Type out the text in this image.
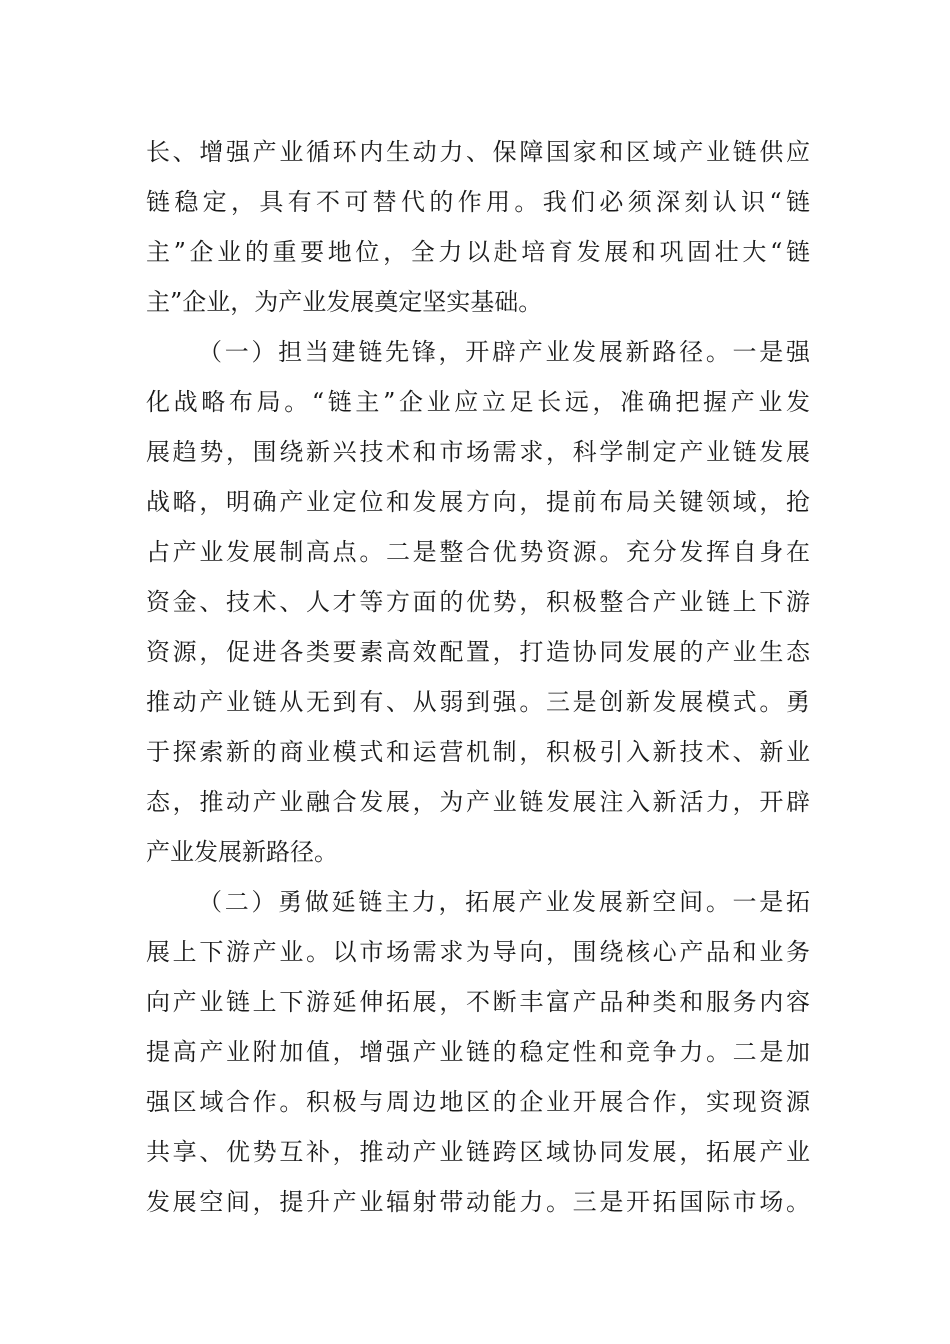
长、增强产业循环内生动力、保障国家和区域产业链供应
链稳定，具有不可替代的作用。我们必须深刻认识“链
主”企业的重要地位，全力以赴培育发展和巩固壮大“链
主”企业，为产业发展奠定坚实基础。
（一）担当建链先锋，开辟产业发展新路径。一是强
化战略布局。“链主”企业应立足长远，准确把握产业发
展趋势，围绕新兴技术和市场需求，科学制定产业链发展
战略，明确产业定位和发展方向，提前布局关键领域，抢
占产业发展制高点。二是整合优势资源。充分发挥自身在
资金、技术、人才等方面的优势，积极整合产业链上下游
资源，促进各类要素高效配置，打造协同发展的产业生态
推动产业链从无到有、从弱到强。三是创新发展模式。勇
于探索新的商业模式和运营机制，积极引入新技术、新业
态，推动产业融合发展，为产业链发展注入新活力，开辟
产业发展新路径。
（二）勇做延链主力，拓展产业发展新空间。一是拓
展上下游产业。以市场需求为导向，围绕核心产品和业务
向产业链上下游延伸拓展，不断丰富产品种类和服务内容
提高产业附加值，增强产业链的稳定性和竞争力。二是加
强区域合作。积极与周边地区的企业开展合作，实现资源
共享、优势互补，推动产业链跨区域协同发展，拓展产业
发展空间，提升产业辐射带动能力。三是开拓国际市场。
